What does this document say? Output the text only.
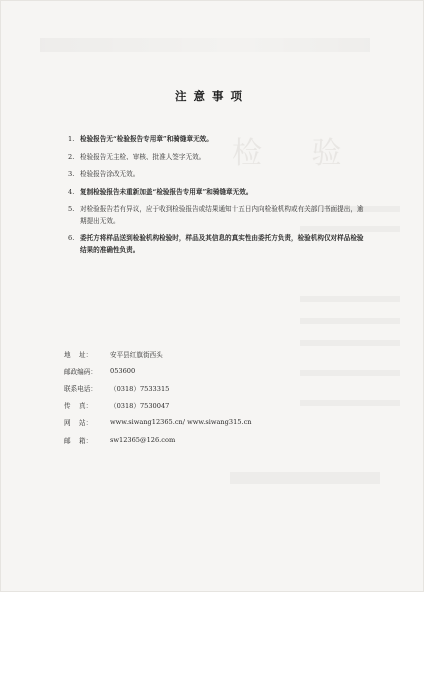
检 验
注意事项
1. 检验报告无“检验报告专用章”和骑缝章无效。
2. 检验报告无主检、审核、批准人签字无效。
3. 检验报告涂改无效。
4. 复制检验报告未重新加盖“检验报告专用章”和骑缝章无效。
5. 对检验报告若有异议，应于收到检验报告或结果通知十五日内向检验机构或有关部门书面提出，逾期提出无效。
6. 委托方将样品送到检验机构检验时，样品及其信息的真实性由委托方负责，检验机构仅对样品检验结果的准确性负责。
地    址：	安平县红旗街西头
邮政编码：	053600
联系电话：	（0318）7533315
传    真：	（0318）7530047
网    站：	www.siwang12365.cn/ www.siwang315.cn
邮    箱：	sw12365@126.com
